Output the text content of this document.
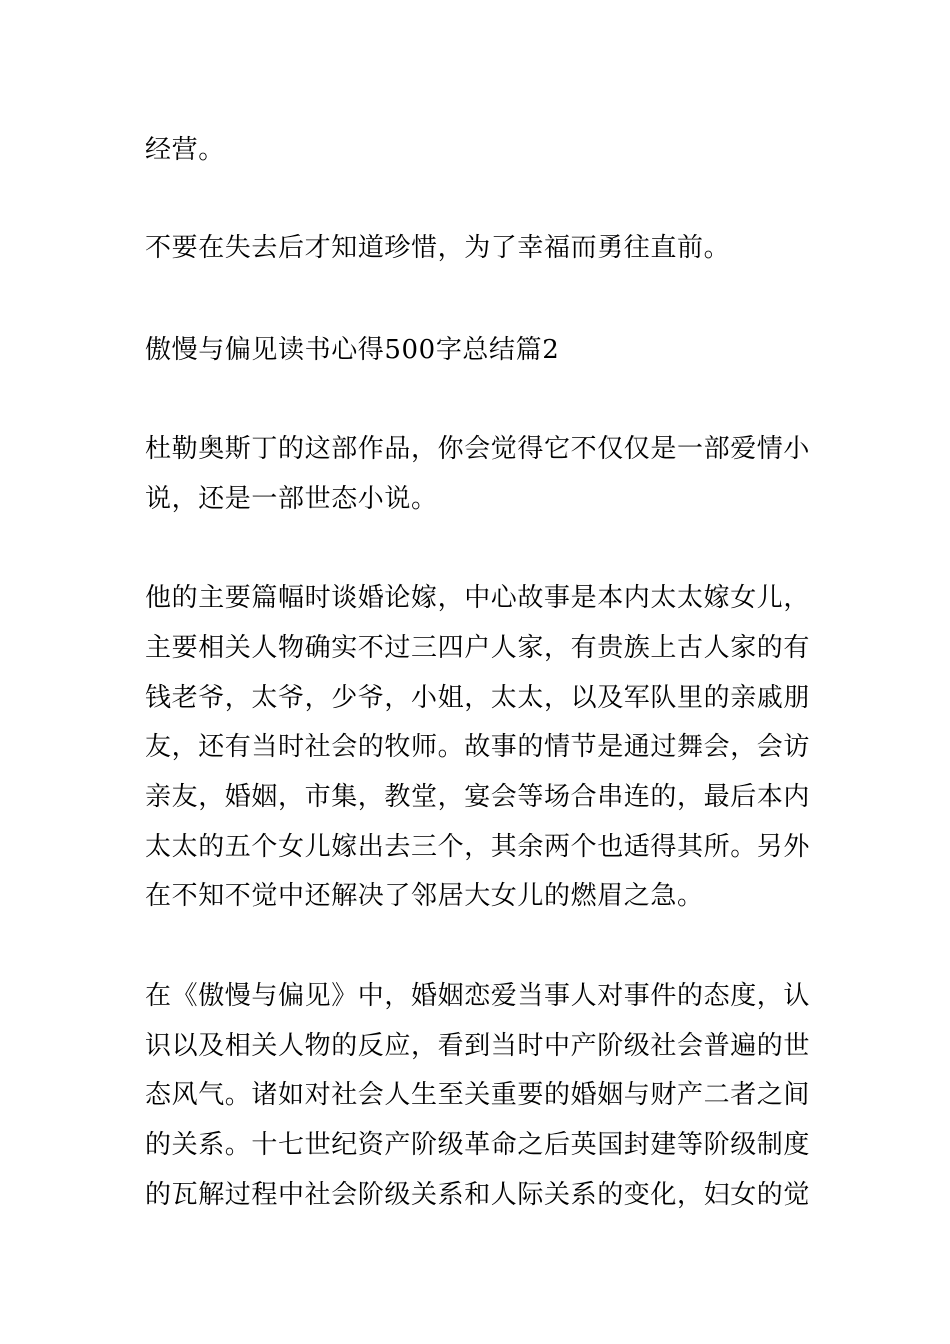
经营。
不要在失去后才知道珍惜，为了幸福而勇往直前。
傲慢与偏见读书心得500字总结篇2
杜勒奥斯丁的这部作品，你会觉得它不仅仅是一部爱情小
说，还是一部世态小说。
他的主要篇幅时谈婚论嫁，中心故事是本内太太嫁女儿，
主要相关人物确实不过三四户人家，有贵族上古人家的有
钱老爷，太爷，少爷，小姐，太太，以及军队里的亲戚朋
友，还有当时社会的牧师。故事的情节是通过舞会，会访
亲友，婚姻，市集，教堂，宴会等场合串连的，最后本内
太太的五个女儿嫁出去三个，其余两个也适得其所。另外
在不知不觉中还解决了邻居大女儿的燃眉之急。
在《傲慢与偏见》中，婚姻恋爱当事人对事件的态度，认
识以及相关人物的反应，看到当时中产阶级社会普遍的世
态风气。诸如对社会人生至关重要的婚姻与财产二者之间
的关系。十七世纪资产阶级革命之后英国封建等阶级制度
的瓦解过程中社会阶级关系和人际关系的变化，妇女的觉
